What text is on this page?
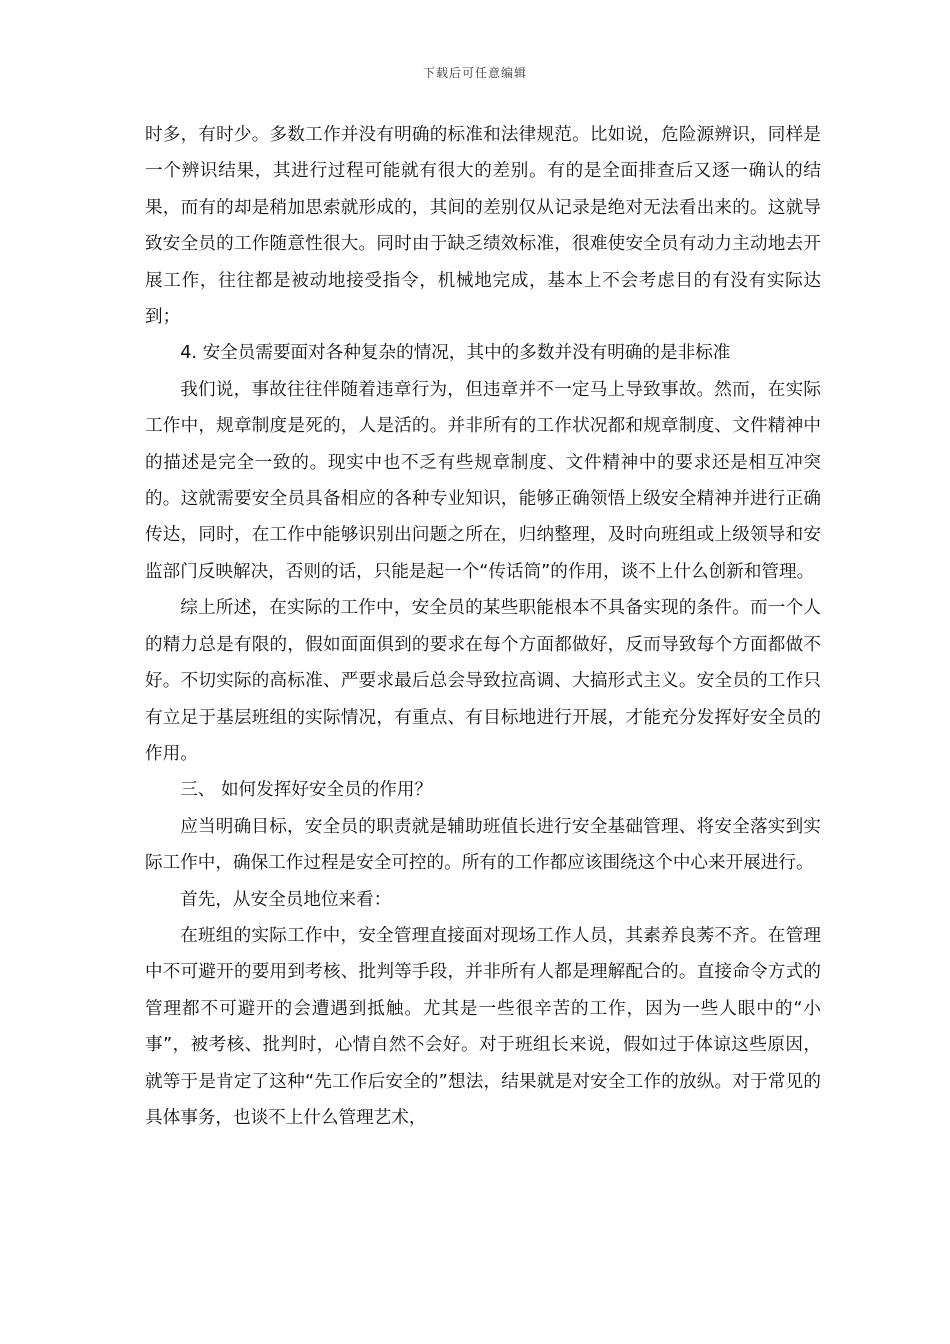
下载后可任意编辑

时多，有时少。多数工作并没有明确的标准和法律规范。比如说，危险源辨识，同样是一个辨识结果，其进行过程可能就有很大的差别。有的是全面排查后又逐一确认的结果，而有的却是稍加思索就形成的，其间的差别仅从记录是绝对无法看出来的。这就导致安全员的工作随意性很大。同时由于缺乏绩效标准，很难使安全员有动力主动地去开展工作，往往都是被动地接受指令，机械地完成，基本上不会考虑目的有没有实际达到；

4. 安全员需要面对各种复杂的情况，其中的多数并没有明确的是非标准

我们说，事故往往伴随着违章行为，但违章并不一定马上导致事故。然而，在实际工作中，规章制度是死的，人是活的。并非所有的工作状况都和规章制度、文件精神中的描述是完全一致的。现实中也不乏有些规章制度、文件精神中的要求还是相互冲突的。这就需要安全员具备相应的各种专业知识，能够正确领悟上级安全精神并进行正确传达，同时，在工作中能够识别出问题之所在，归纳整理，及时向班组或上级领导和安监部门反映解决，否则的话，只能是起一个“传话筒”的作用，谈不上什么创新和管理。

综上所述，在实际的工作中，安全员的某些职能根本不具备实现的条件。而一个人的精力总是有限的，假如面面俱到的要求在每个方面都做好，反而导致每个方面都做不好。不切实际的高标准、严要求最后总会导致拉高调、大搞形式主义。安全员的工作只有立足于基层班组的实际情况，有重点、有目标地进行开展，才能充分发挥好安全员的作用。

三、 如何发挥好安全员的作用？

应当明确目标，安全员的职责就是辅助班值长进行安全基础管理、将安全落实到实际工作中，确保工作过程是安全可控的。所有的工作都应该围绕这个中心来开展进行。

首先，从安全员地位来看：

在班组的实际工作中，安全管理直接面对现场工作人员，其素养良莠不齐。在管理中不可避开的要用到考核、批判等手段，并非所有人都是理解配合的。直接命令方式的管理都不可避开的会遭遇到抵触。尤其是一些很辛苦的工作，因为一些人眼中的“小事”，被考核、批判时，心情自然不会好。对于班组长来说，假如过于体谅这些原因，就等于是肯定了这种“先工作后安全的”想法，结果就是对安全工作的放纵。对于常见的具体事务，也谈不上什么管理艺术，
